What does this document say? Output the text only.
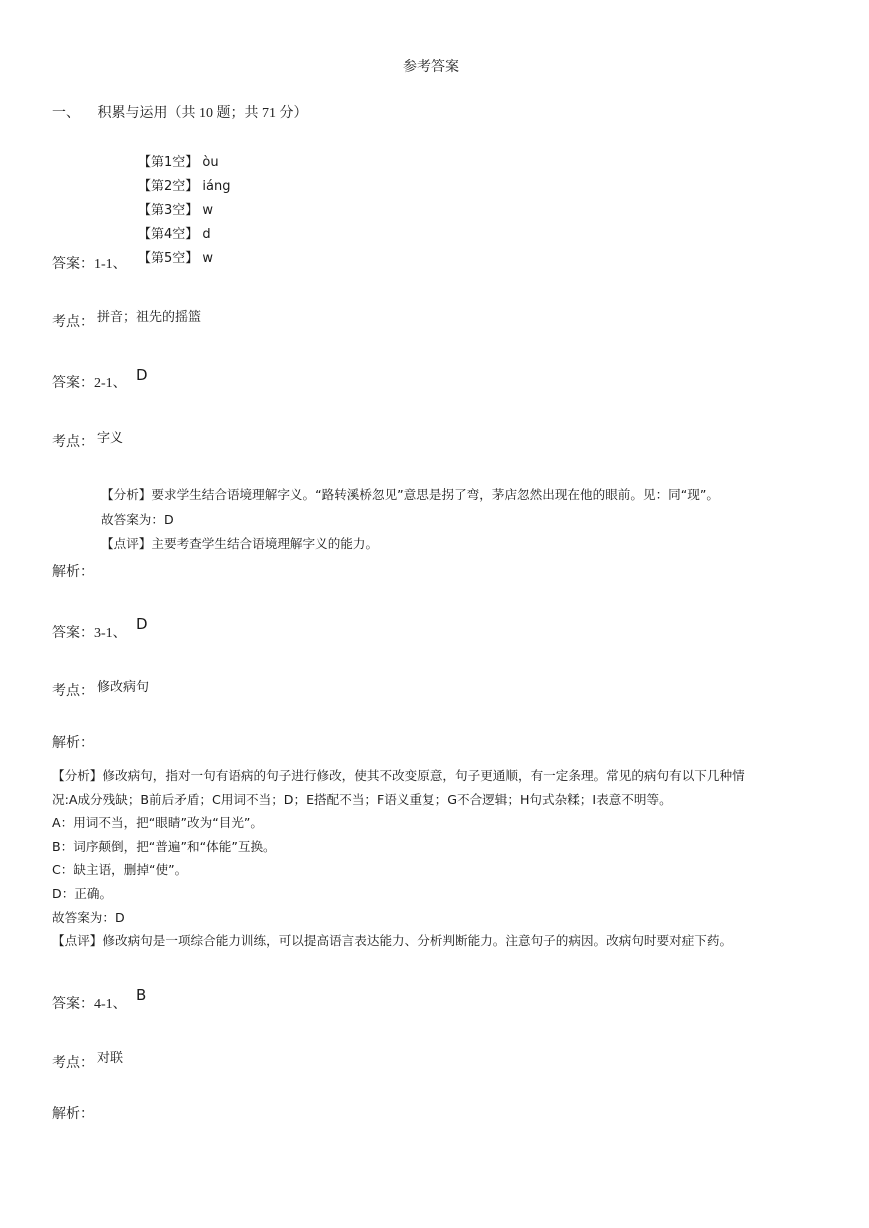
参考答案
一、 积累与运用（共 10 题；共 71 分）
【第1空】 òu
【第2空】 iáng
【第3空】 w
【第4空】 d
【第5空】 w
答案：1-1、
考点： 拼音；祖先的摇篮
答案：2-1、 D
考点： 字义
【分析】要求学生结合语境理解字义。“路转溪桥忽见”意思是拐了弯，茅店忽然出现在他的眼前。见：同“现”。
故答案为：D
【点评】主要考查学生结合语境理解字义的能力。
解析：
答案：3-1、
D
考点： 修改病句
解析：
【分析】修改病句，指对一句有语病的句子进行修改，使其不改变原意，句子更通顺，有一定条理。常见的病句有以下几种情
况:A成分残缺；B前后矛盾；C用词不当；D；E搭配不当；F语义重复；G不合逻辑；H句式杂糅；I表意不明等。
A：用词不当，把“眼睛”改为“目光”。
B：词序颠倒，把“普遍”和“体能”互换。
C：缺主语，删掉“使”。
D：正确。
故答案为：D
【点评】修改病句是一项综合能力训练，可以提高语言表达能力、分析判断能力。注意句子的病因。改病句时要对症下药。
答案：4-1、
B
考点： 对联
解析：
